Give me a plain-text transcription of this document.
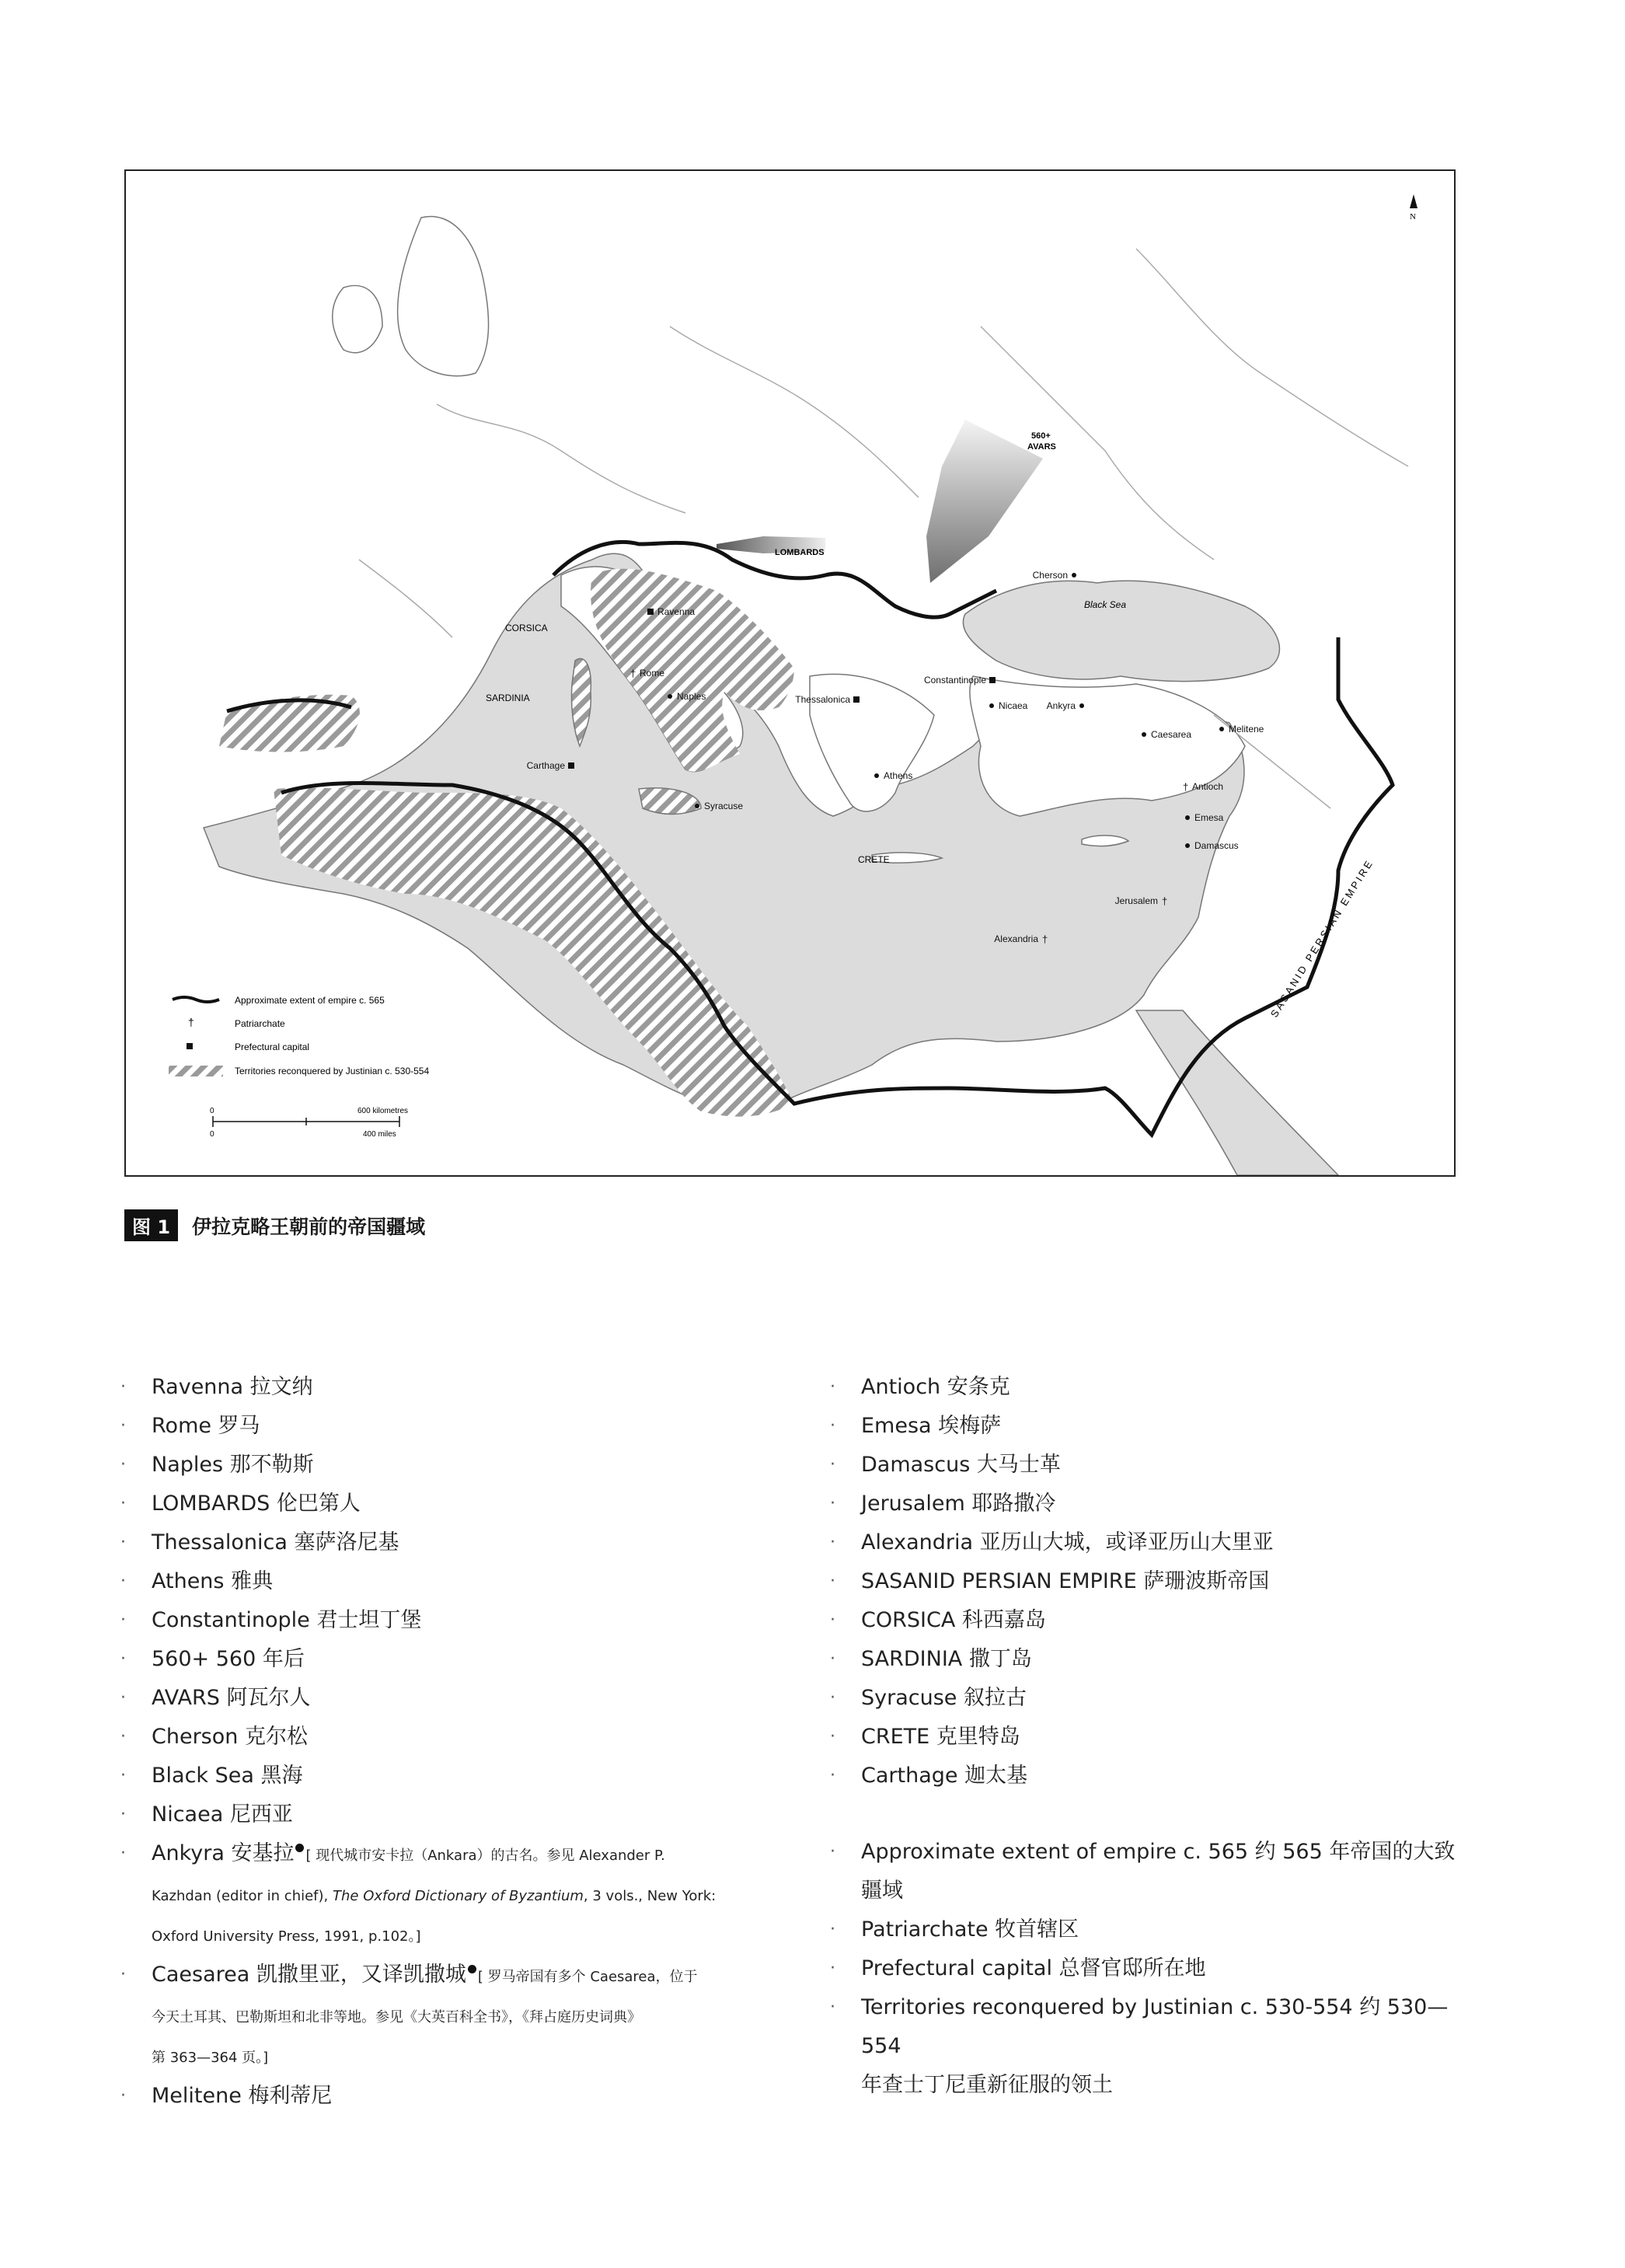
560+
AVARS
LOMBARDS
N
Ravenna
† Rome
Naples
Carthage
Syracuse
Thessalonica
Athens
Constantinople
Nicaea Ankyra
Caesarea	Melitene
† Antioch
Emesa
Damascus
†
Jerusalem
†
Alexandria
Cherson
CORSICA
SARDINIA
CRETE
Black Sea
SASANID PERSIAN EMPIRE
Approximate extent of empire c. 565
†	Patriarchate
Prefectural capital
Territories reconquered by Justinian c. 530-554
0	600 kilometres
0	400 miles
图 1	伊拉克略王朝前的帝国疆域
· Ravenna 拉文纳
· Rome 罗马
· Naples 那不勒斯
· LOMBARDS 伦巴第人
· Thessalonica 塞萨洛尼基
· Athens 雅典
· Constantinople 君士坦丁堡
· 560+ 560 年后
· AVARS 阿瓦尔人
· Cherson 克尔松
· Black Sea 黑海
· Nicaea 尼西亚
· Ankyra 安基拉 [ 现代城市安卡拉（Ankara）的古名。参见 Alexander P.
Kazhdan (editor in chief), The Oxford Dictionary of Byzantium, 3 vols., New York:
Oxford University Press, 1991, p.102。]
· Caesarea 凯撒里亚，又译凯撒城 [ 罗马帝国有多个 Caesarea，位于
今天土耳其、巴勒斯坦和北非等地。参见《大英百科全书》，《拜占庭历史词典》
第 363—364 页。]
· Melitene 梅利蒂尼
· Antioch 安条克
· Emesa 埃梅萨
· Damascus 大马士革
· Jerusalem 耶路撒冷
· Alexandria 亚历山大城，或译亚历山大里亚
· SASANID PERSIAN EMPIRE 萨珊波斯帝国
· CORSICA 科西嘉岛
· SARDINIA 撒丁岛
· Syracuse 叙拉古
· CRETE 克里特岛
· Carthage 迦太基
· Approximate extent of empire c. 565 约 565 年帝国的大致
疆域
· Patriarchate 牧首辖区
· Prefectural capital 总督官邸所在地
· Territories reconquered by Justinian c. 530-554 约 530—554
年查士丁尼重新征服的领土
